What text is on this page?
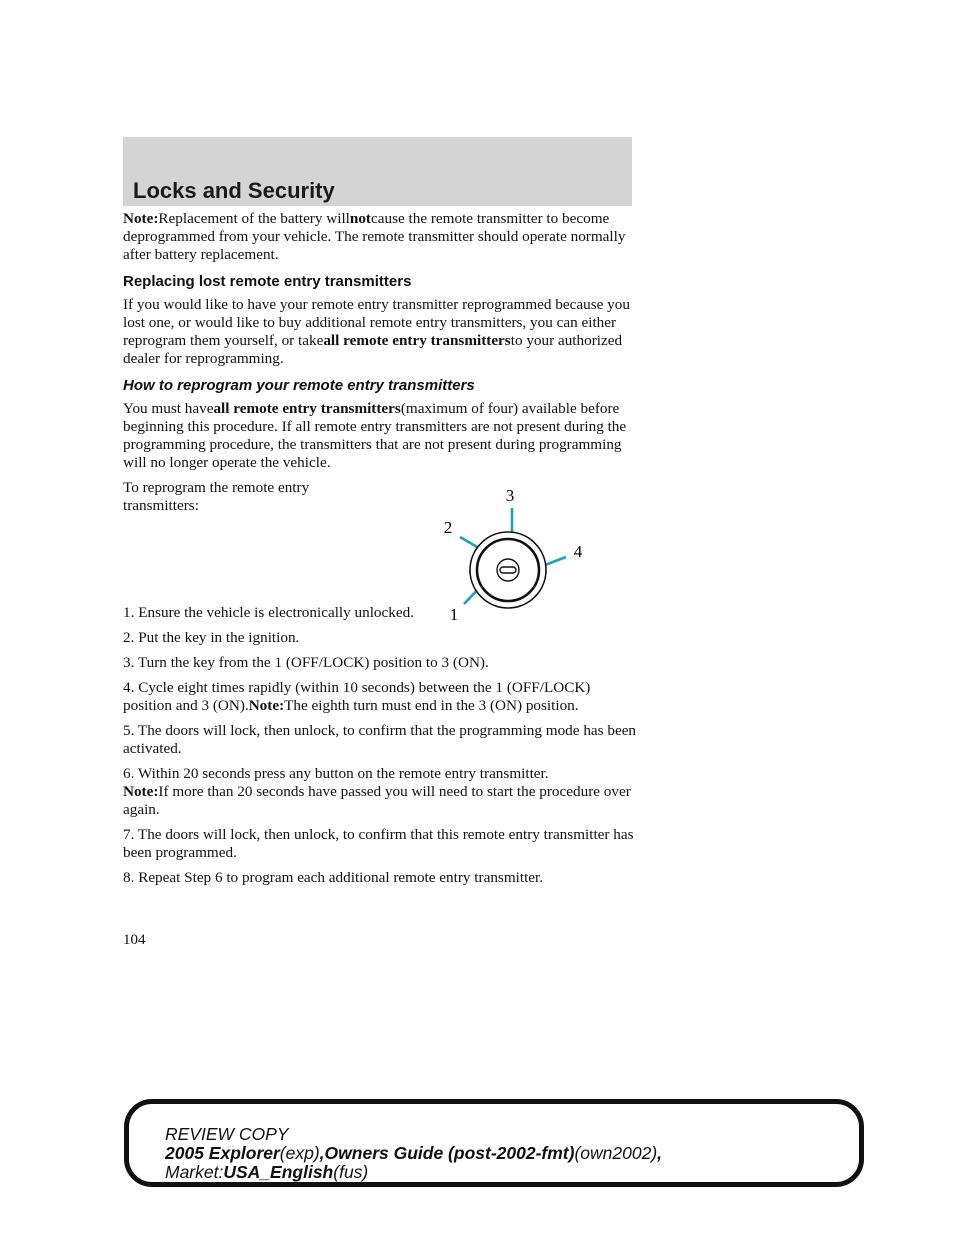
Locks and Security

Note:Replacement of the battery willnotcause the remote transmitter to become deprogrammed from your vehicle. The remote transmitter should operate normally after battery replacement.

Replacing lost remote entry transmitters

If you would like to have your remote entry transmitter reprogrammed because you lost one, or would like to buy additional remote entry transmitters, you can either reprogram them yourself, or takeall remote entry transmittersto your authorized dealer for reprogramming.

How to reprogram your remote entry transmitters

You must haveall remote entry transmitters(maximum of four) available before beginning this procedure. If all remote entry transmitters are not present during the programming procedure, the transmitters that are not present during programming will no longer operate the vehicle.

To reprogram the remote entry transmitters:

1. Ensure the vehicle is electronically unlocked.

2. Put the key in the ignition.

3. Turn the key from the 1 (OFF/LOCK) position to 3 (ON).

4. Cycle eight times rapidly (within 10 seconds) between the 1 (OFF/LOCK) position and 3 (ON).Note:The eighth turn must end in the 3 (ON) position.

5. The doors will lock, then unlock, to confirm that the programming mode has been activated.

6. Within 20 seconds press any button on the remote entry transmitter.
Note:If more than 20 seconds have passed you will need to start the procedure over again.

7. The doors will lock, then unlock, to confirm that this remote entry transmitter has been programmed.

8. Repeat Step 6 to program each additional remote entry transmitter.

3
2
4
1
104
REVIEW COPY
2005 Explorer(exp),Owners Guide (post-2002-fmt)(own2002),
Market:USA_English(fus)
